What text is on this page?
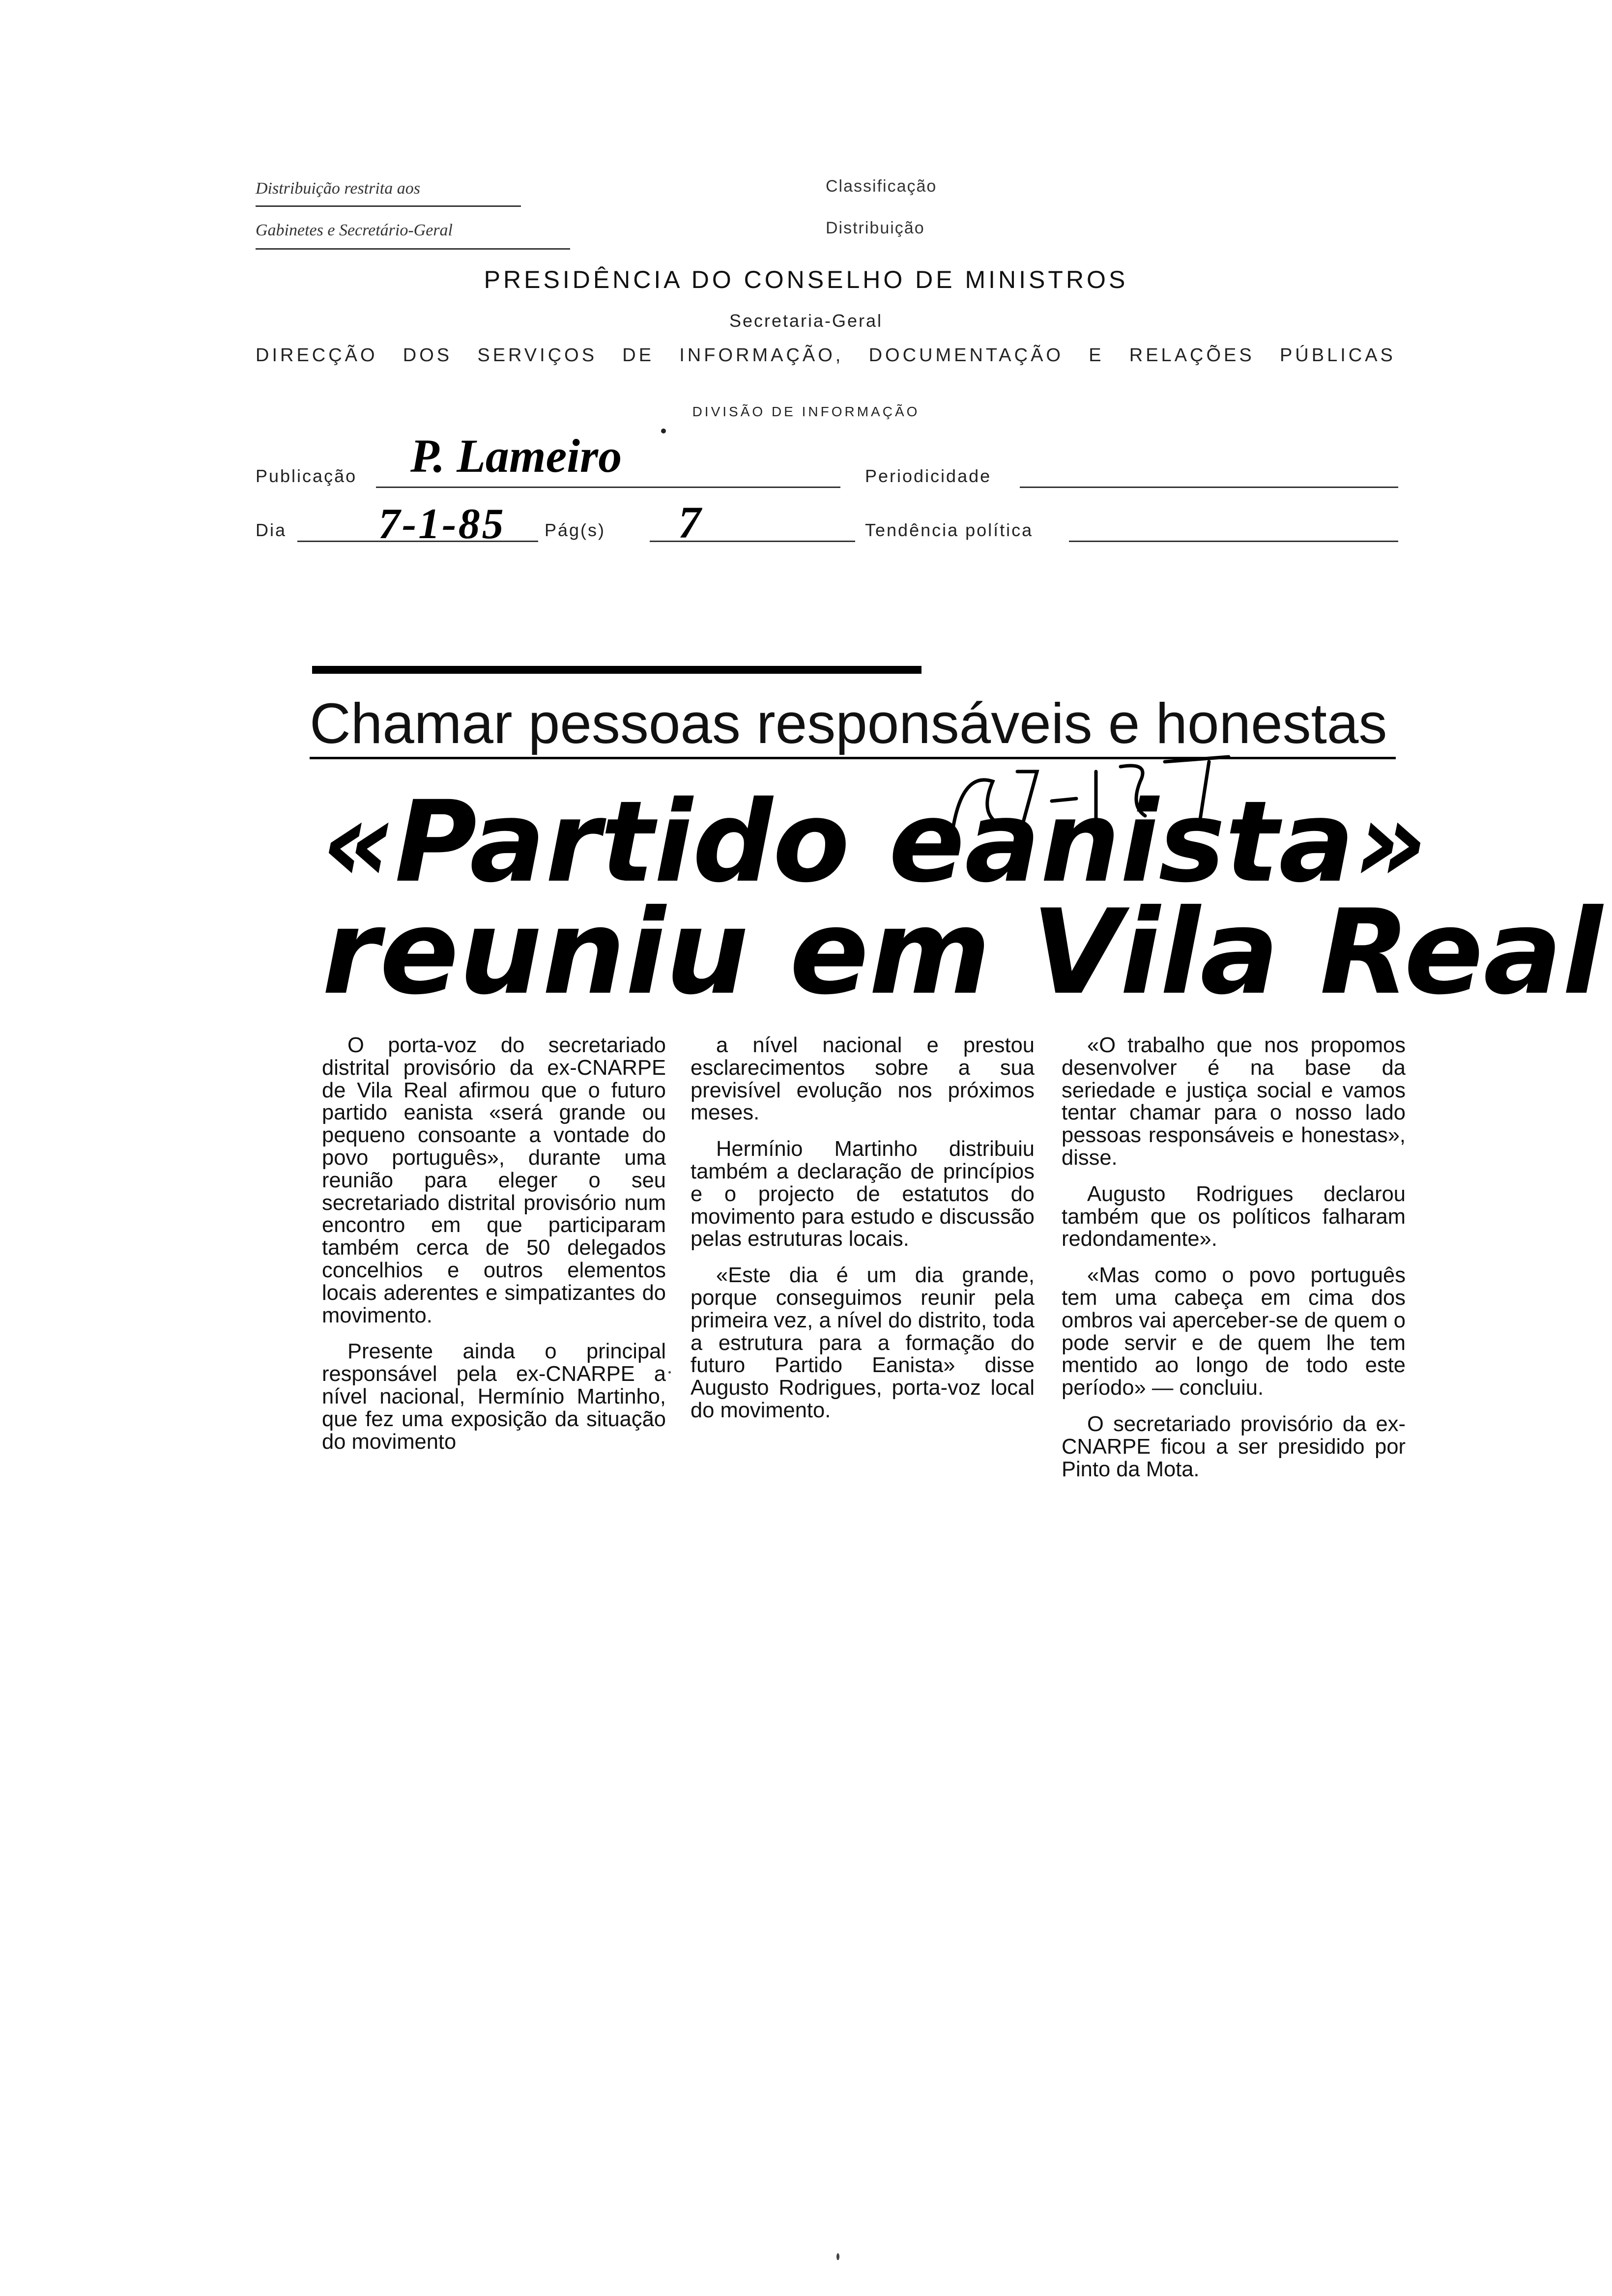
Distribuição restrita aos
Gabinetes e Secretário-Geral
Classificação
Distribuição
PRESIDÊNCIA DO CONSELHO DE MINISTROS
Secretaria-Geral
DIRECÇÃO DOS SERVIÇOS DE INFORMAÇÃO, DOCUMENTAÇÃO E RELAÇÕES PÚBLICAS
DIVISÃO DE INFORMAÇÃO
Publicação P. Lameiro	Periodicidade
Dia 7-1-85 Pág(s) 7	Tendência política
Chamar pessoas responsáveis e honestas
«Partido eanista»
reuniu em Vila Real

O porta-voz do secretariado distrital provisório da ex-CNARPE de Vila Real afirmou que o futuro partido eanista «será grande ou pequeno consoante a vontade do povo português», durante uma reunião para eleger o seu secretariado distrital provisório num encontro em que participaram também cerca de 50 delegados concelhios e outros elementos locais aderentes e simpatizantes do movimento.

Presente ainda o principal responsável pela ex-CNARPE a nível nacional, Hermínio Martinho, que fez uma exposição da situação do movimento

a nível nacional e prestou esclarecimentos sobre a sua previsível evolução nos próximos meses.

Hermínio Martinho distribuiu também a declaração de princípios e o projecto de estatutos do movimento para estudo e discussão pelas estruturas locais.

«Este dia é um dia grande, porque conseguimos reunir pela primeira vez, a nível do distrito, toda a estrutura para a formação do futuro Partido Eanista» disse Augusto Rodrigues, porta-voz local do movimento.

«O trabalho que nos propomos desenvolver é na base da seriedade e justiça social e vamos tentar chamar para o nosso lado pessoas responsáveis e honestas», disse.

Augusto Rodrigues declarou também que os políticos falharam redondamente».

«Mas como o povo português tem uma cabeça em cima dos ombros vai aperceber-se de quem o pode servir e de quem lhe tem mentido ao longo de todo este período» — concluiu.

O secretariado provisório da ex-CNARPE ficou a ser presidido por Pinto da Mota.
